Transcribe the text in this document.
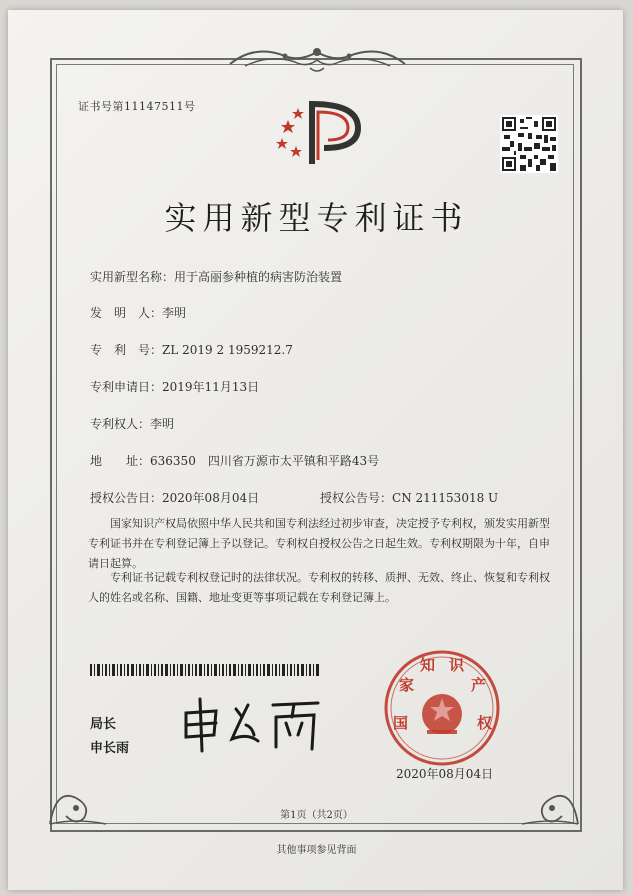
证书号第11147511号
实用新型专利证书
实用新型名称：用于高丽参种植的病害防治装置
发　明　人：李明
专　利　号：ZL 2019 2 1959212.7
专利申请日：2019年11月13日
专利权人：李明
地　　址：636350　四川省万源市太平镇和平路43号
授权公告日：2020年08月04日	授权公告号：CN 211153018 U
国家知识产权局依照中华人民共和国专利法经过初步审查，决定授予专利权，颁发实用新型专利证书并在专利登记簿上予以登记。专利权自授权公告之日起生效。专利权期限为十年，自申请日起算。
专利证书记载专利权登记时的法律状况。专利权的转移、质押、无效、终止、恢复和专利权人的姓名或名称、国籍、地址变更等事项记载在专利登记簿上。
局长
申长雨
国
家
知 识
产
权
2020年08月04日
第1页（共2页）
其他事项参见背面
